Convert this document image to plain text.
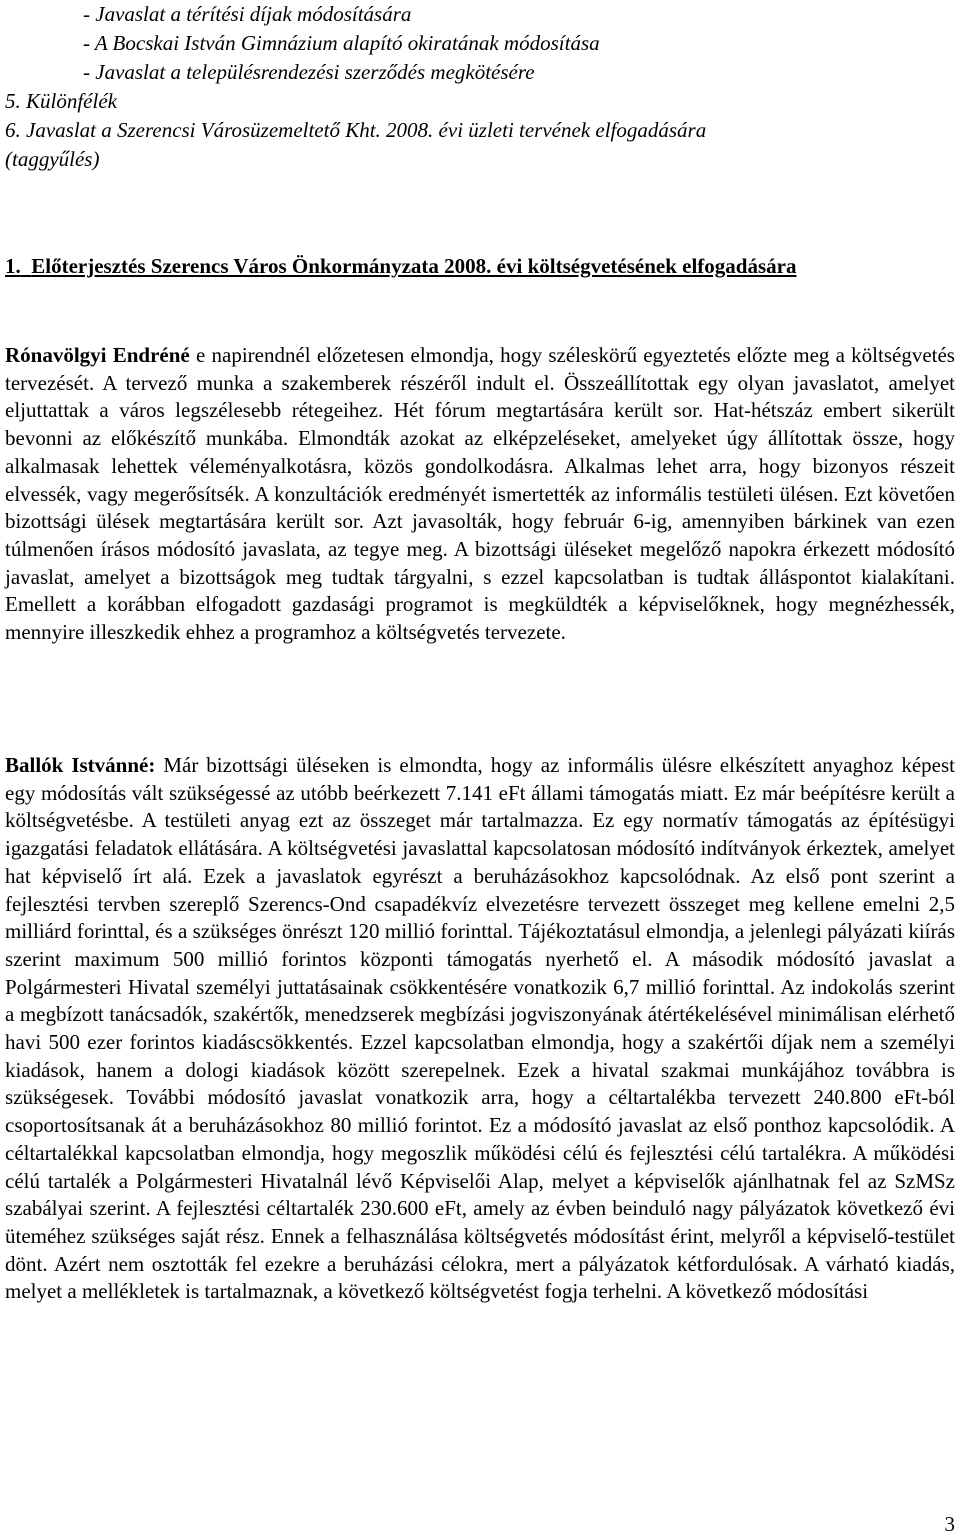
- Javaslat a térítési díjak módosítására
- A Bocskai István Gimnázium alapító okiratának módosítása
- Javaslat a településrendezési szerződés megkötésére
5. Különfélék
6. Javaslat a Szerencsi Városüzemeltető Kht. 2008. évi üzleti tervének elfogadására
(taggyűlés)
1. Előterjesztés Szerencs Város Önkormányzata 2008. évi költségvetésének elfogadására

Rónavölgyi Endréné e napirendnél előzetesen elmondja, hogy széleskörű egyeztetés előzte meg a költségvetés tervezését. A tervező munka a szakemberek részéről indult el. Összeállítottak egy olyan javaslatot, amelyet eljuttattak a város legszélesebb rétegeihez. Hét fórum megtartására került sor. Hat-hétszáz embert sikerült bevonni az előkészítő munkába. Elmondták azokat az elképzeléseket, amelyeket úgy állítottak össze, hogy alkalmasak lehettek véleményalkotásra, közös gondolkodásra. Alkalmas lehet arra, hogy bizonyos részeit elvessék, vagy megerősítsék. A konzultációk eredményét ismertették az informális testületi ülésen. Ezt követően bizottsági ülések megtartására került sor. Azt javasolták, hogy február 6-ig, amennyiben bárkinek van ezen túlmenően írásos módosító javaslata, az tegye meg. A bizottsági üléseket megelőző napokra érkezett módosító javaslat, amelyet a bizottságok meg tudtak tárgyalni, s ezzel kapcsolatban is tudtak álláspontot kialakítani. Emellett a korábban elfogadott gazdasági programot is megküldték a képviselőknek, hogy megnézhessék, mennyire illeszkedik ehhez a programhoz a költségvetés tervezete.

Ballók Istvánné: Már bizottsági üléseken is elmondta, hogy az informális ülésre elkészített anyaghoz képest egy módosítás vált szükségessé az utóbb beérkezett 7.141 eFt állami támogatás miatt. Ez már beépítésre került a költségvetésbe. A testületi anyag ezt az összeget már tartalmazza. Ez egy normatív támogatás az építésügyi igazgatási feladatok ellátására. A költségvetési javaslattal kapcsolatosan módosító indítványok érkeztek, amelyet hat képviselő írt alá. Ezek a javaslatok egyrészt a beruházásokhoz kapcsolódnak. Az első pont szerint a fejlesztési tervben szereplő Szerencs-Ond csapadékvíz elvezetésre tervezett összeget meg kellene emelni 2,5 milliárd forinttal, és a szükséges önrészt 120 millió forinttal. Tájékoztatásul elmondja, a jelenlegi pályázati kiírás szerint maximum 500 millió forintos központi támogatás nyerhető el. A második módosító javaslat a Polgármesteri Hivatal személyi juttatásainak csökkentésére vonatkozik 6,7 millió forinttal. Az indokolás szerint a megbízott tanácsadók, szakértők, menedzserek megbízási jogviszonyának átértékelésével minimálisan elérhető havi 500 ezer forintos kiadáscsökkentés. Ezzel kapcsolatban elmondja, hogy a szakértői díjak nem a személyi kiadások, hanem a dologi kiadások között szerepelnek. Ezek a hivatal szakmai munkájához továbbra is szükségesek. További módosító javaslat vonatkozik arra, hogy a céltartalékba tervezett 240.800 eFt-ból csoportosítsanak át a beruházásokhoz 80 millió forintot. Ez a módosító javaslat az első ponthoz kapcsolódik. A céltartalékkal kapcsolatban elmondja, hogy megoszlik működési célú és fejlesztési célú tartalékra. A működési célú tartalék a Polgármesteri Hivatalnál lévő Képviselői Alap, melyet a képviselők ajánlhatnak fel az SzMSz szabályai szerint. A fejlesztési céltartalék 230.600 eFt, amely az évben beinduló nagy pályázatok következő évi üteméhez szükséges saját rész. Ennek a felhasználása költségvetés módosítást érint, melyről a képviselő-testület dönt. Azért nem osztották fel ezekre a beruházási célokra, mert a pályázatok kétfordulósak. A várható kiadás, melyet a mellékletek is tartalmaznak, a következő költségvetést fogja terhelni. A következő módosítási

3
